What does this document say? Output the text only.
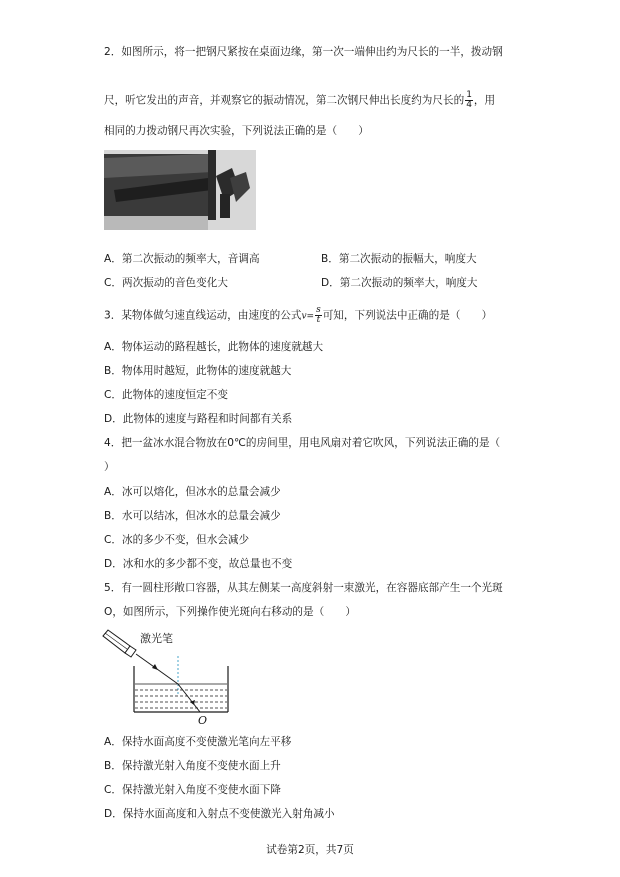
2．如图所示，将一把钢尺紧按在桌面边缘，第一次一端伸出约为尺长的一半，拨动钢
尺，听它发出的声音，并观察它的振动情况，第二次钢尺伸出长度约为尺长的 $\frac{1}{4}$ ，用
相同的力拨动钢尺再次实验，下列说法正确的是（　　）
A．第二次振动的频率大，音调高	B．第二次振动的振幅大，响度大
C．两次振动的音色变化大	D．第二次振动的频率大，响度大
3．某物体做匀速直线运动，由速度的公式$v= \frac{s}{t}$ 可知，下列说法中正确的是（　　）
A．物体运动的路程越长，此物体的速度就越大
B．物体用时越短，此物体的速度就越大
C．此物体的速度恒定不变
D．此物体的速度与路程和时间都有关系
4．把一盆冰水混合物放在0℃的房间里，用电风扇对着它吹风，下列说法正确的是（
）
A．冰可以熔化，但冰水的总量会减少
B．水可以结冰，但冰水的总量会减少
C．冰的多少不变，但水会减少
D．冰和水的多少都不变，故总量也不变
5．有一圆柱形敞口容器，从其左侧某一高度斜射一束激光，在容器底部产生一个光斑
O，如图所示，下列操作使光斑向右移动的是（　　）
激光笔
O
A．保持水面高度不变使激光笔向左平移
B．保持激光射入角度不变使水面上升
C．保持激光射入角度不变使水面下降
D．保持水面高度和入射点不变使激光入射角减小
试卷第2页，共7页
